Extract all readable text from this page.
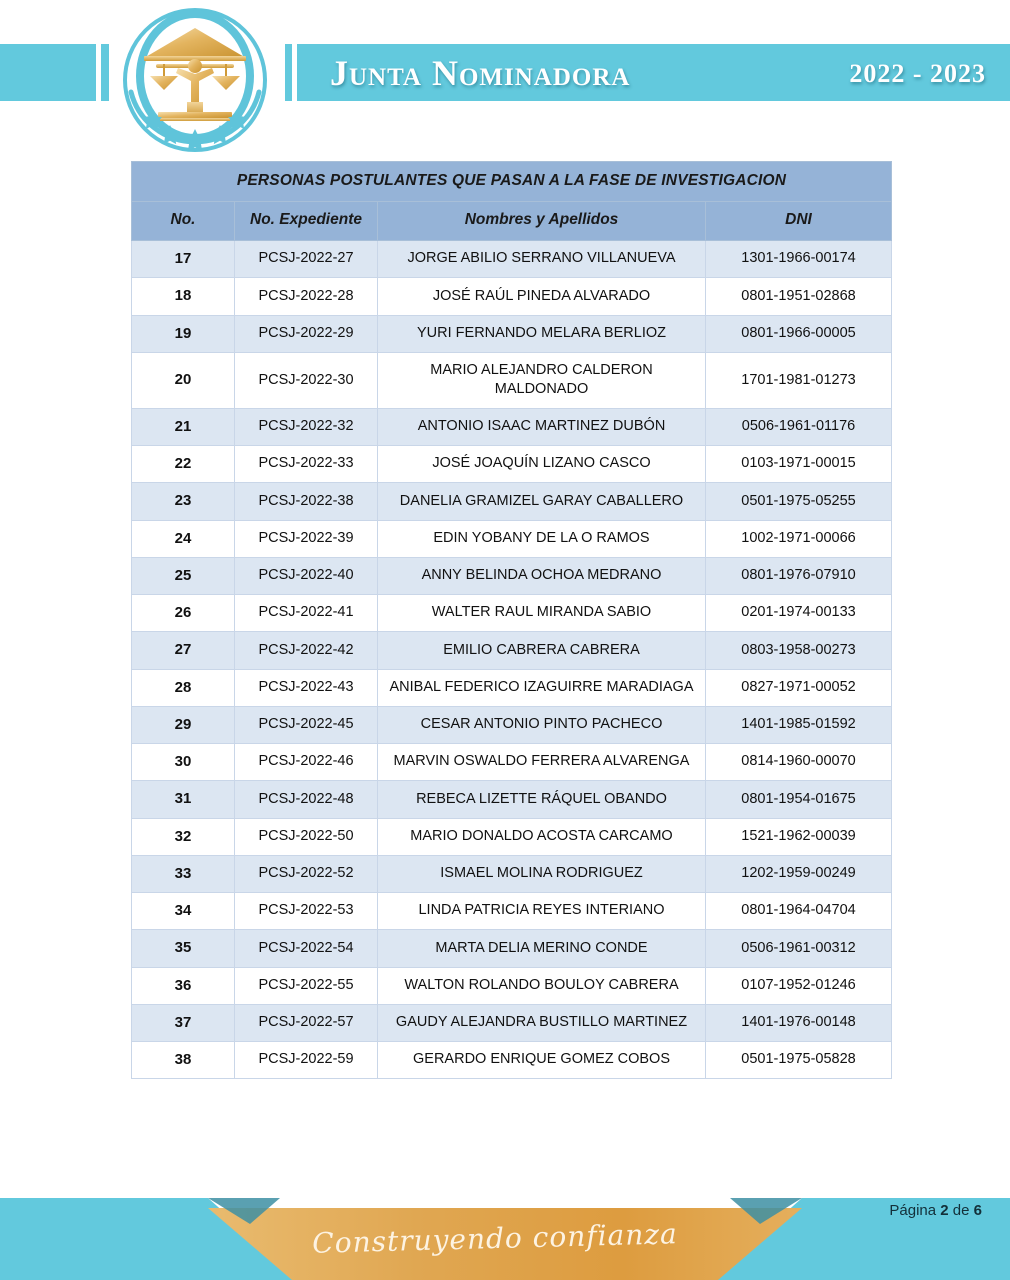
Junta Nominadora	2022 - 2023
PERSONAS POSTULANTES QUE PASAN A LA FASE DE INVESTIGACION			
No.	No. Expediente	Nombres y Apellidos	DNI
17	PCSJ-2022-27	JORGE ABILIO SERRANO VILLANUEVA	1301-1966-00174
18	PCSJ-2022-28	JOSÉ RAÚL PINEDA ALVARADO	0801-1951-02868
19	PCSJ-2022-29	YURI FERNANDO MELARA BERLIOZ	0801-1966-00005
20	PCSJ-2022-30	MARIO ALEJANDRO CALDERON MALDONADO	1701-1981-01273
21	PCSJ-2022-32	ANTONIO ISAAC MARTINEZ DUBÓN	0506-1961-01176
22	PCSJ-2022-33	JOSÉ JOAQUÍN LIZANO CASCO	0103-1971-00015
23	PCSJ-2022-38	DANELIA GRAMIZEL GARAY CABALLERO	0501-1975-05255
24	PCSJ-2022-39	EDIN YOBANY DE LA O RAMOS	1002-1971-00066
25	PCSJ-2022-40	ANNY BELINDA OCHOA MEDRANO	0801-1976-07910
26	PCSJ-2022-41	WALTER RAUL MIRANDA SABIO	0201-1974-00133
27	PCSJ-2022-42	EMILIO CABRERA CABRERA	0803-1958-00273
28	PCSJ-2022-43	ANIBAL FEDERICO IZAGUIRRE MARADIAGA	0827-1971-00052
29	PCSJ-2022-45	CESAR ANTONIO PINTO PACHECO	1401-1985-01592
30	PCSJ-2022-46	MARVIN OSWALDO FERRERA ALVARENGA	0814-1960-00070
31	PCSJ-2022-48	REBECA LIZETTE RÁQUEL OBANDO	0801-1954-01675
32	PCSJ-2022-50	MARIO DONALDO ACOSTA CARCAMO	1521-1962-00039
33	PCSJ-2022-52	ISMAEL MOLINA RODRIGUEZ	1202-1959-00249
34	PCSJ-2022-53	LINDA PATRICIA REYES INTERIANO	0801-1964-04704
35	PCSJ-2022-54	MARTA DELIA MERINO CONDE	0506-1961-00312
36	PCSJ-2022-55	WALTON ROLANDO BOULOY CABRERA	0107-1952-01246
37	PCSJ-2022-57	GAUDY ALEJANDRA BUSTILLO MARTINEZ	1401-1976-00148
38	PCSJ-2022-59	GERARDO ENRIQUE GOMEZ COBOS	0501-1975-05828
Construyendo confianza
Página 2 de 6
